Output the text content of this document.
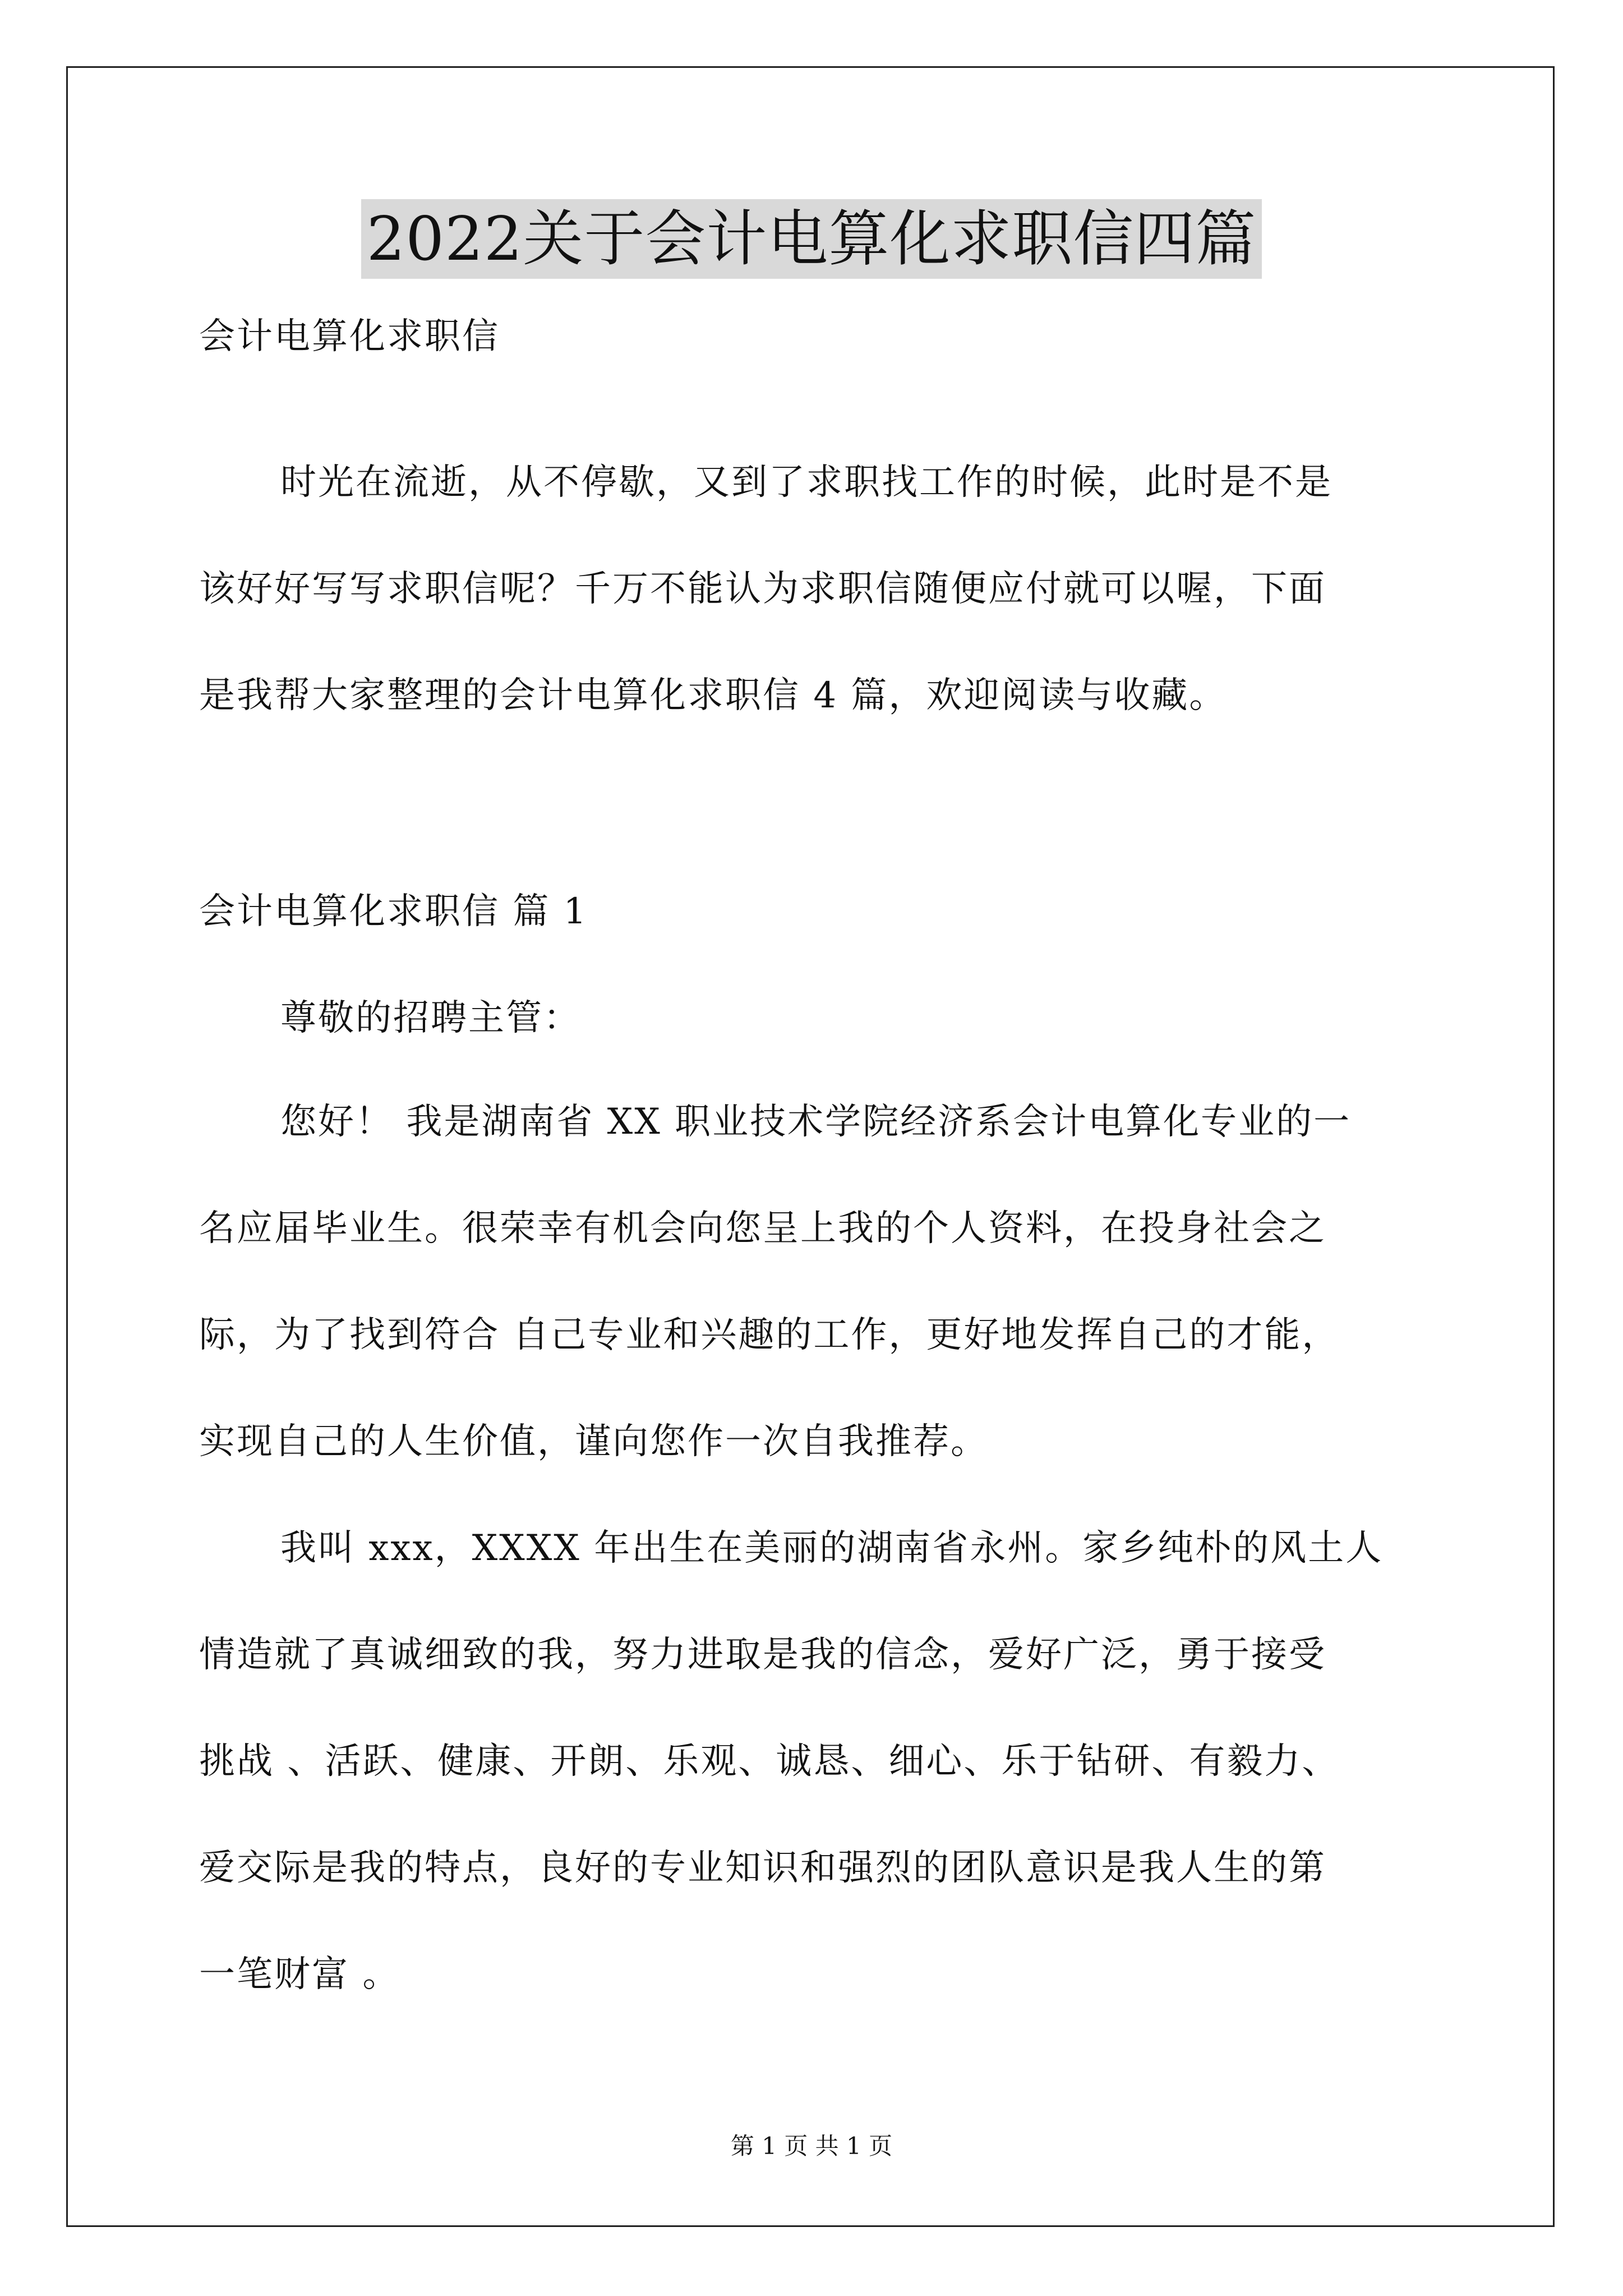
2022关于会计电算化求职信四篇
会计电算化求职信
时光在流逝，从不停歇，又到了求职找工作的时候，此时是不是
该好好写写求职信呢？千万不能认为求职信随便应付就可以喔，下面
是我帮大家整理的会计电算化求职信 4 篇，欢迎阅读与收藏。
会计电算化求职信 篇 1
尊敬的招聘主管：
您好！ 我是湖南省 XX 职业技术学院经济系会计电算化专业的一
名应届毕业生。很荣幸有机会向您呈上我的个人资料，在投身社会之
际，为了找到符合 自己专业和兴趣的工作，更好地发挥自己的才能，
实现自己的人生价值，谨向您作一次自我推荐。
我叫 xxx，XXXX 年出生在美丽的湖南省永州。家乡纯朴的风土人
情造就了真诚细致的我，努力进取是我的信念，爱好广泛，勇于接受
挑战 、活跃、健康、开朗、乐观、诚恳、细心、乐于钻研、有毅力、
爱交际是我的特点，良好的专业知识和强烈的团队意识是我人生的第
一笔财富 。
第 1 页 共 1 页
